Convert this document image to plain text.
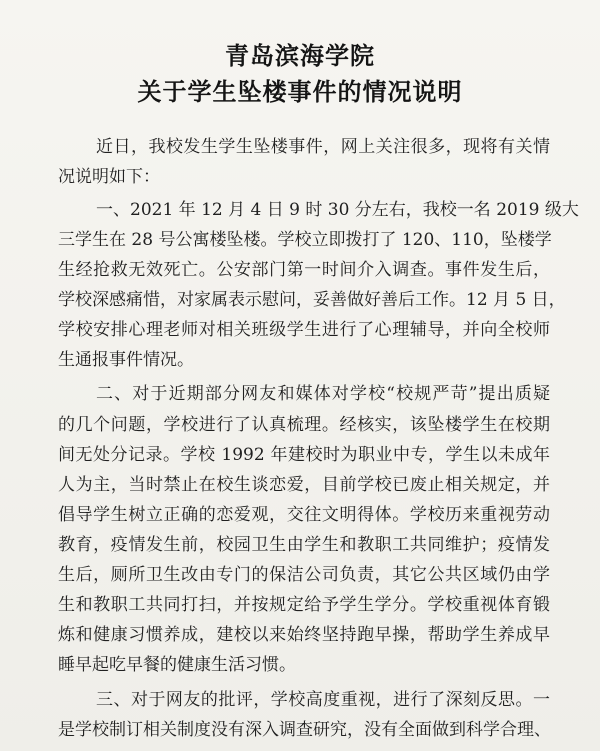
青岛滨海学院
关于学生坠楼事件的情况说明
近日，我校发生学生坠楼事件，网上关注很多，现将有关情
况说明如下：
一、2021 年 12 月 4 日 9 时 30 分左右，我校一名 2019 级大
三学生在 28 号公寓楼坠楼。学校立即拨打了 120、110，坠楼学
生经抢救无效死亡。公安部门第一时间介入调查。事件发生后，
学校深感痛惜，对家属表示慰问，妥善做好善后工作。12 月 5 日，
学校安排心理老师对相关班级学生进行了心理辅导，并向全校师
生通报事件情况。
二、对于近期部分网友和媒体对学校“校规严苛”提出质疑
的几个问题，学校进行了认真梳理。经核实，该坠楼学生在校期
间无处分记录。学校 1992 年建校时为职业中专，学生以未成年
人为主，当时禁止在校生谈恋爱，目前学校已废止相关规定，并
倡导学生树立正确的恋爱观，交往文明得体。学校历来重视劳动
教育，疫情发生前，校园卫生由学生和教职工共同维护；疫情发
生后，厕所卫生改由专门的保洁公司负责，其它公共区域仍由学
生和教职工共同打扫，并按规定给予学生学分。学校重视体育锻
炼和健康习惯养成，建校以来始终坚持跑早操，帮助学生养成早
睡早起吃早餐的健康生活习惯。
三、对于网友的批评，学校高度重视，进行了深刻反思。一
是学校制订相关制度没有深入调查研究，没有全面做到科学合理、
